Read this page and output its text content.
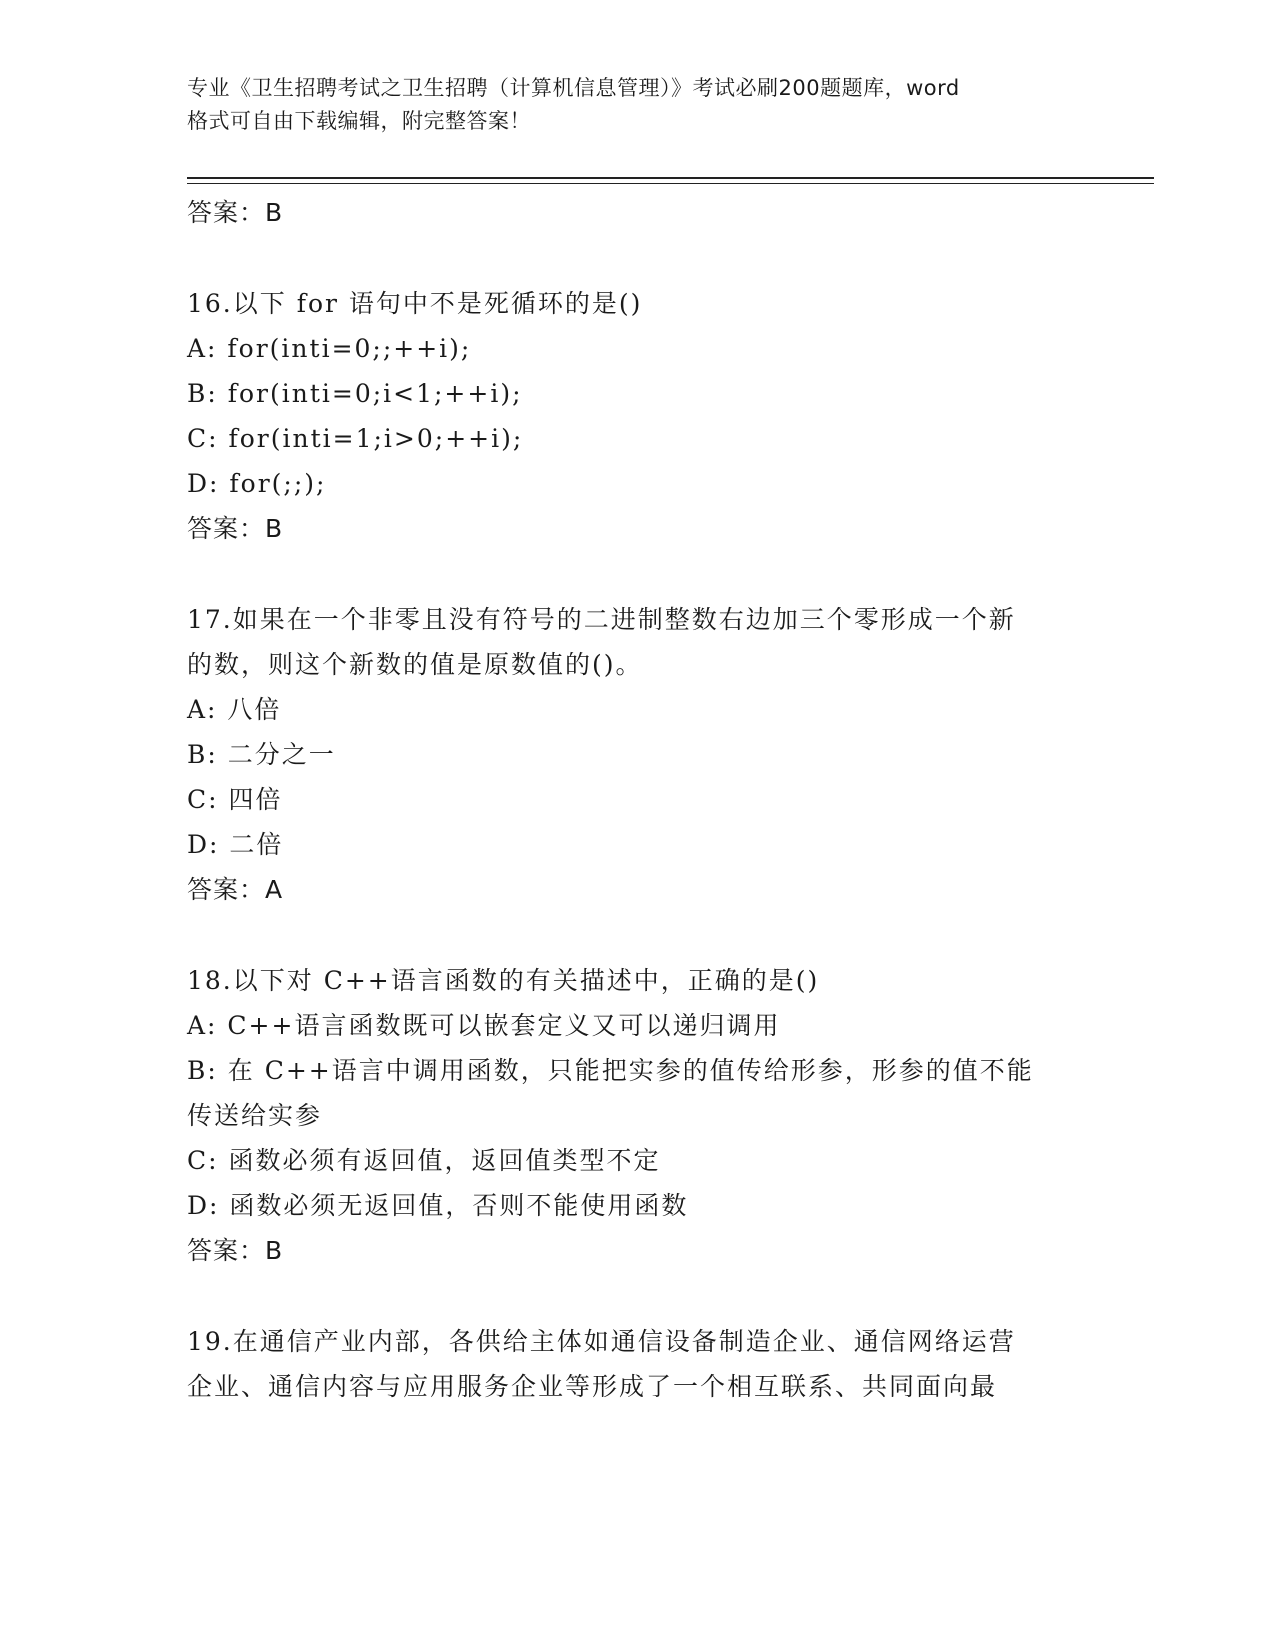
专业《卫生招聘考试之卫生招聘（计算机信息管理）》考试必刷200题题库，word
格式可自由下载编辑，附完整答案！
答案：B
16.以下 for 语句中不是死循环的是()
A: for(inti=0;;++i);
B: for(inti=0;i<1;++i);
C: for(inti=1;i>0;++i);
D: for(;;);
答案：B
17.如果在一个非零且没有符号的二进制整数右边加三个零形成一个新
的数，则这个新数的值是原数值的()。
A: 八倍
B: 二分之一
C: 四倍
D: 二倍
答案：A
18.以下对 C++语言函数的有关描述中，正确的是()
A: C++语言函数既可以嵌套定义又可以递归调用
B: 在 C++语言中调用函数，只能把实参的值传给形参，形参的值不能
传送给实参
C: 函数必须有返回值，返回值类型不定
D: 函数必须无返回值，否则不能使用函数
答案：B
19.在通信产业内部，各供给主体如通信设备制造企业、通信网络运营
企业、通信内容与应用服务企业等形成了一个相互联系、共同面向最
